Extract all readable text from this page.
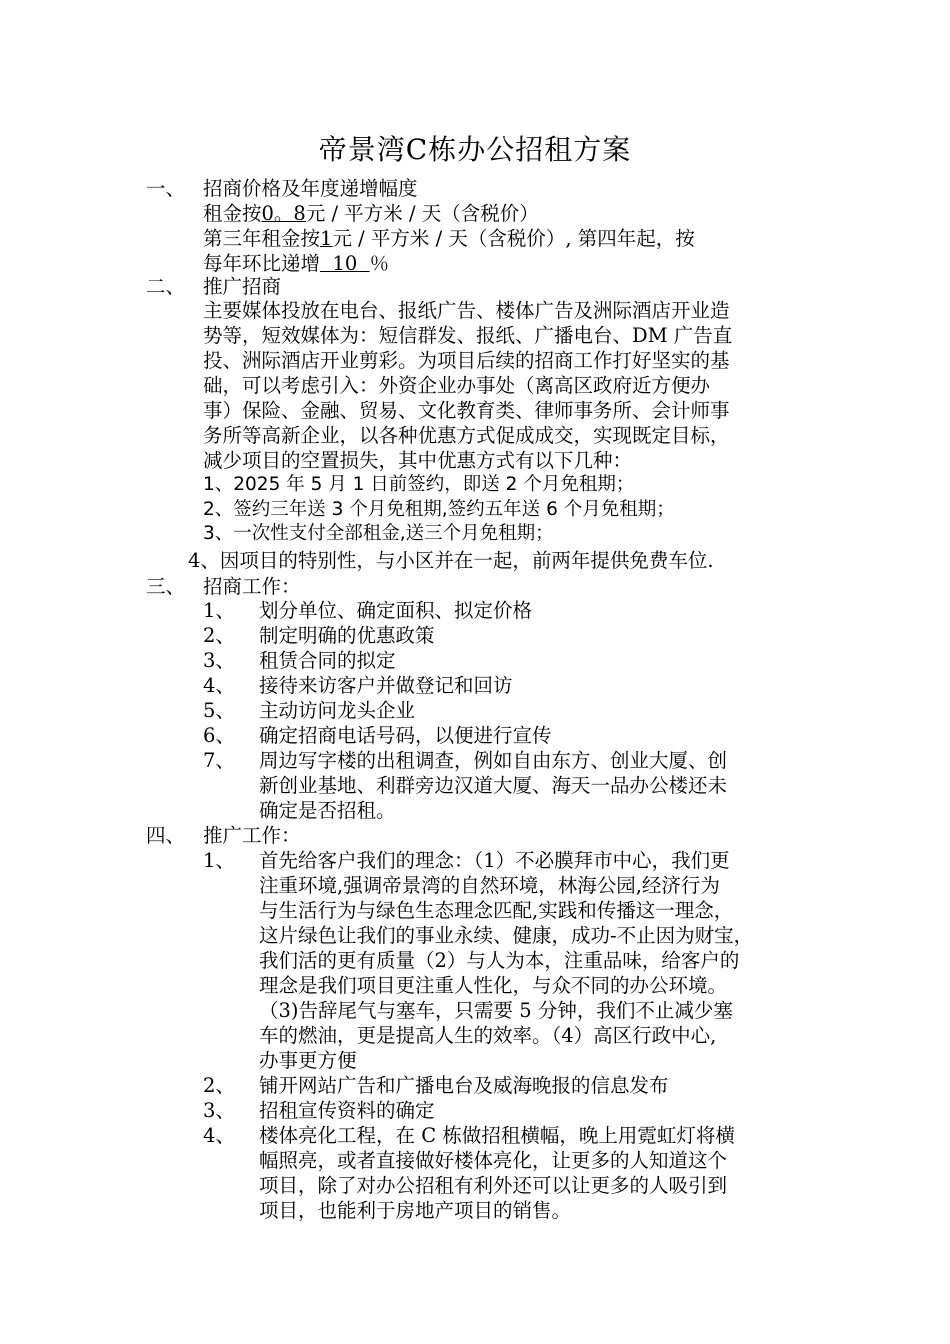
帝景湾C栋办公招租方案
一、 招商价格及年度递增幅度
租金按0。8元 / 平方米 / 天（含税价）
第三年租金按1元 / 平方米 / 天（含税价）, 第四年起，按
每年环比递增  10  ％
二、 推广招商
主要媒体投放在电台、报纸广告、楼体广告及洲际酒店开业造
势等，短效媒体为：短信群发、报纸、广播电台、DM 广告直
投、洲际酒店开业剪彩。为项目后续的招商工作打好坚实的基
础，可以考虑引入：外资企业办事处（离高区政府近方便办
事）保险、金融、贸易、文化教育类、律师事务所、会计师事
务所等高新企业，以各种优惠方式促成成交，实现既定目标，
减少项目的空置损失，其中优惠方式有以下几种：
1、2025 年 5 月 1 日前签约，即送 2 个月免租期；
2、签约三年送 3 个月免租期,签约五年送 6 个月免租期；
3、一次性支付全部租金,送三个月免租期；
4、因项目的特别性，与小区并在一起，前两年提供免费车位.
三、 招商工作：
1、 划分单位、确定面积、拟定价格
2、 制定明确的优惠政策
3、 租赁合同的拟定
4、 接待来访客户并做登记和回访
5、 主动访问龙头企业
6、 确定招商电话号码，以便进行宣传
7、 周边写字楼的出租调查，例如自由东方、创业大厦、创
新创业基地、利群旁边汉道大厦、海天一品办公楼还未
确定是否招租。
四、 推广工作：
1、 首先给客户我们的理念：（1）不必膜拜市中心，我们更
注重环境,强调帝景湾的自然环境，林海公园,经济行为
与生活行为与绿色生态理念匹配,实践和传播这一理念，
这片绿色让我们的事业永续、健康，成功-不止因为财宝，
我们活的更有质量（2）与人为本，注重品味，给客户的
理念是我们项目更注重人性化，与众不同的办公环境。
（3)告辞尾气与塞车，只需要 5 分钟，我们不止减少塞
车的燃油，更是提高人生的效率。（4）高区行政中心,
办事更方便
2、 铺开网站广告和广播电台及威海晚报的信息发布
3、 招租宣传资料的确定
4、 楼体亮化工程，在 C 栋做招租横幅，晚上用霓虹灯将横
幅照亮，或者直接做好楼体亮化，让更多的人知道这个
项目，除了对办公招租有利外还可以让更多的人吸引到
项目，也能利于房地产项目的销售。
